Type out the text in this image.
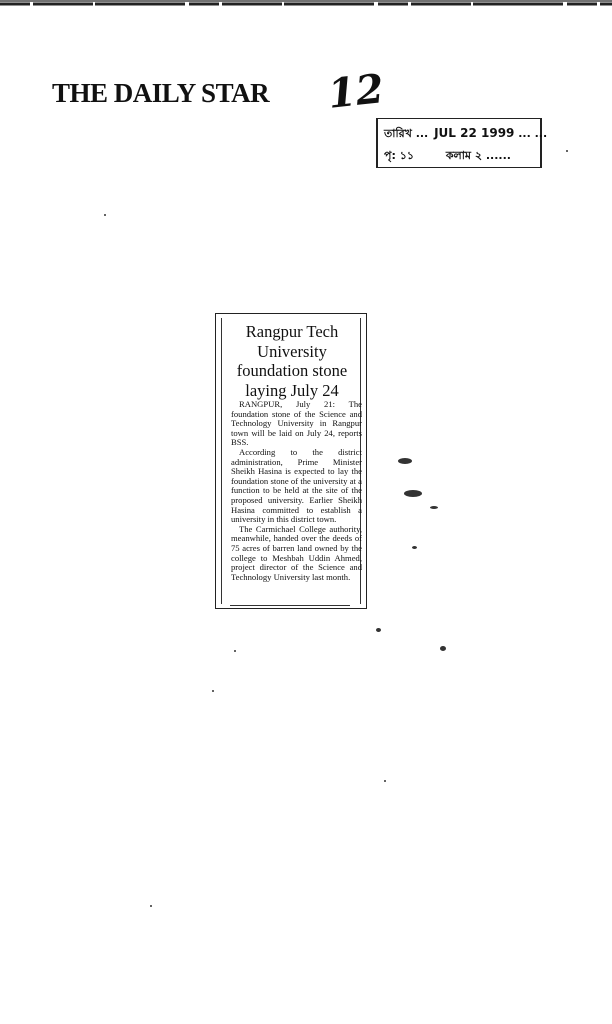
THE DAILY STAR 12
তারিখ ... JUL 22 1999 ... ...
পৃ: ১১	কলাম ২ ......
Rangpur Tech University foundation stone laying July 24

RANGPUR, July 21: The foundation stone of the Science and Technology University in Rangpur town will be laid on July 24, reports BSS.

According to the district administration, Prime Minister Sheikh Hasina is expected to lay the foundation stone of the university at a function to be held at the site of the proposed university. Earlier Sheikh Hasina committed to establish a university in this district town.

The Carmichael College authority, meanwhile, handed over the deeds of 75 acres of barren land owned by the college to Meshbah Uddin Ahmed, project director of the Science and Technology University last month.
